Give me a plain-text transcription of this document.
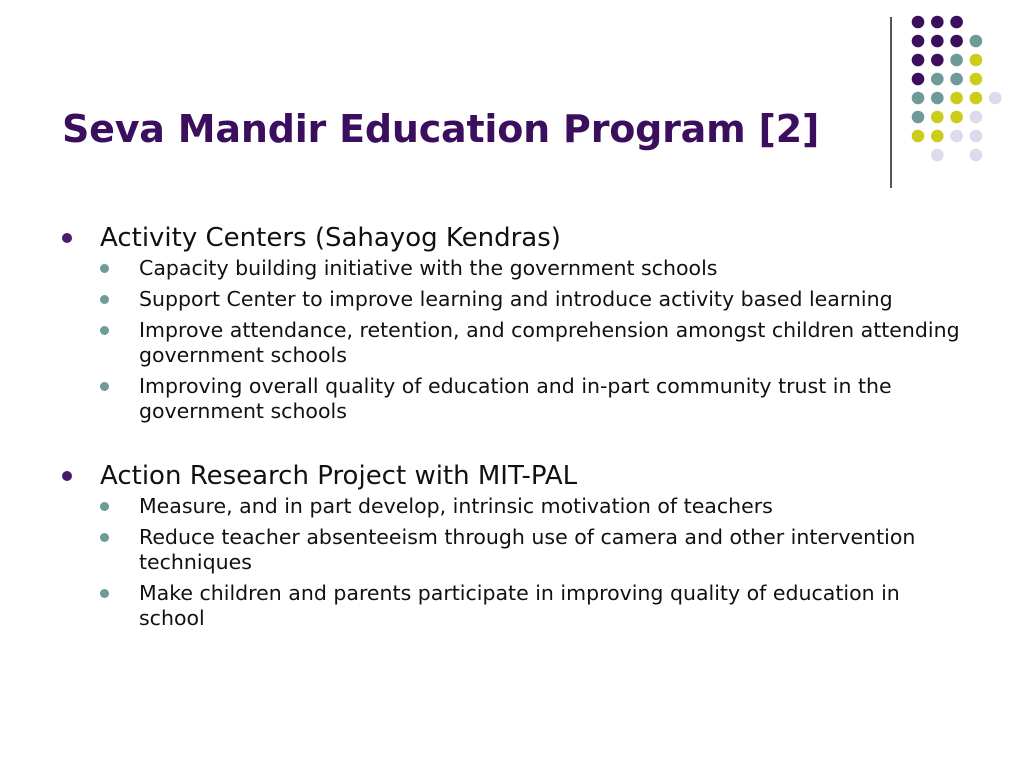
Seva Mandir Education Program [2]
Activity Centers (Sahayog Kendras)
Capacity building initiative with the government schools
Support Center to improve learning and introduce activity based learning
Improve attendance, retention, and comprehension amongst children attending government schools
Improving overall quality of education and in-part community trust in the government schools
Action Research Project with MIT-PAL
Measure, and in part develop, intrinsic motivation of teachers
Reduce teacher absenteeism through use of camera and other intervention techniques
Make children and parents participate in improving quality of education in school
